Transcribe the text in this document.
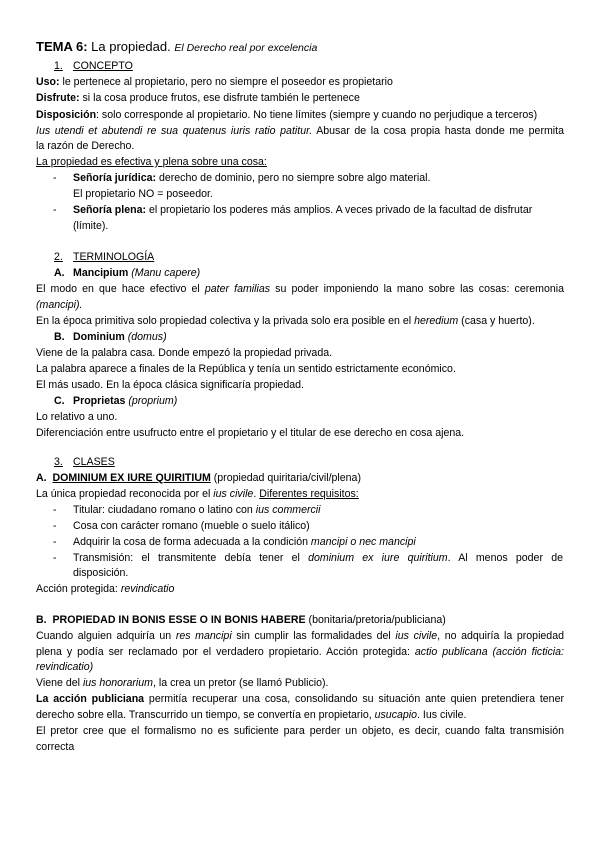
TEMA 6: La propiedad. El Derecho real por excelencia
1. CONCEPTO
Uso: le pertenece al propietario, pero no siempre el poseedor es propietario
Disfrute: si la cosa produce frutos, ese disfrute también le pertenece
Disposición: solo corresponde al propietario. No tiene límites (siempre y cuando no perjudique a terceros)
Ius utendi et abutendi re sua quatenus iuris ratio patitur. Abusar de la cosa propia hasta donde me permita
la razón de Derecho.
La propiedad es efectiva y plena sobre una cosa:
-	Señoría jurídica: derecho de dominio, pero no siempre sobre algo material.
El propietario NO = poseedor.
-	Señoría plena: el propietario los poderes más amplios. A veces privado de la facultad de disfrutar
(límite).
2. TERMINOLOGÍA
A. Mancipium (Manu capere)
El modo en que hace efectivo el pater familias su poder imponiendo la mano sobre las cosas: ceremonia
(mancipi).
En la época primitiva solo propiedad colectiva y la privada solo era posible en el heredium (casa y huerto).
B. Dominium (domus)
Viene de la palabra casa. Donde empezó la propiedad privada.
La palabra aparece a finales de la República y tenía un sentido estrictamente económico.
El más usado. En la época clásica significaría propiedad.
C. Proprietas (proprium)
Lo relativo a uno.
Diferenciación entre usufructo entre el propietario y el titular de ese derecho en cosa ajena.
3. CLASES
A. DOMINIUM EX IURE QUIRITIUM (propiedad quiritaria/civil/plena)
La única propiedad reconocida por el ius civile. Diferentes requisitos:
-	Titular: ciudadano romano o latino con ius commercii
-	Cosa con carácter romano (mueble o suelo itálico)
-	Adquirir la cosa de forma adecuada a la condición mancipi o nec mancipi
-	Transmisión: el transmitente debía tener el dominium ex iure quiritium. Al menos poder de
disposición.
Acción protegida: revindicatio
B. PROPIEDAD IN BONIS ESSE O IN BONIS HABERE (bonitaria/pretoria/publiciana)
Cuando alguien adquiría un res mancipi sin cumplir las formalidades del ius civile, no adquiría la propiedad
plena y podía ser reclamado por el verdadero propietario. Acción protegida: actio publicana (acción ficticia:
revindicatio)
Viene del ius honorarium, la crea un pretor (se llamó Publicio).
La acción publiciana permitía recuperar una cosa, consolidando su situación ante quien pretendiera tener
derecho sobre ella. Transcurrido un tiempo, se convertía en propietario, usucapio. Ius civile.
El pretor cree que el formalismo no es suficiente para perder un objeto, es decir, cuando falta transmisión
correcta
